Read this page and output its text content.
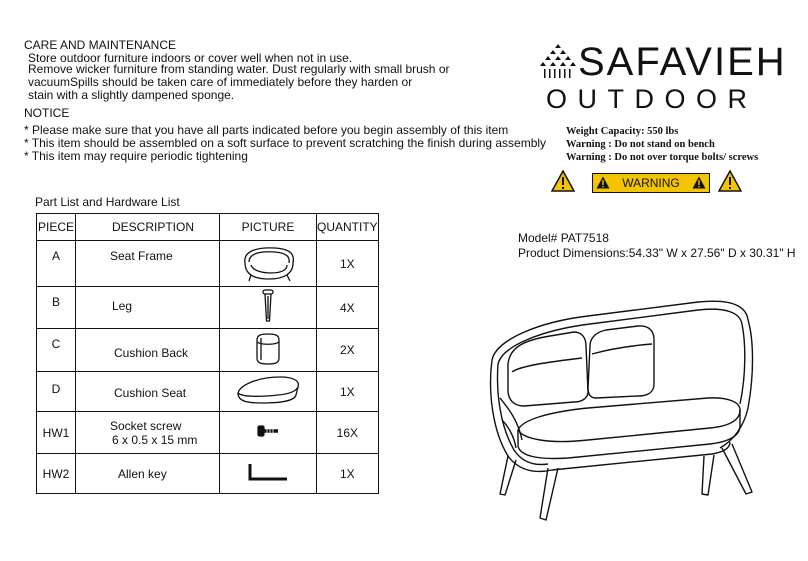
CARE AND MAINTENANCE
Store outdoor furniture indoors or cover well when not in use.
Remove wicker furniture from standing water. Dust regularly with small brush or
vacuumSpills should be taken care of immediately before they harden or
stain with a slightly dampened sponge.
NOTICE
* Please make sure that you have all parts indicated before you begin assembly of this item
* This item should be assembled on a soft surface to prevent scratching the finish during assembly
* This item may require periodic tightening
SAFAVIEH
OUTDOOR
Weight Capacity: 550 lbs
Warning : Do not stand on bench
Warning : Do not over torque bolts/ screws
WARNING
Part List and Hardware List
PIECE	DESCRIPTION	PICTURE	QUANTITY
A	Seat Frame		1X
B	Leg		4X
C	Cushion Back		2X
D	Cushion Seat		1X
HW1	Socket screw
6 x 0.5 x 15 mm		16X
HW2	Allen key		1X
Model# PAT7518
Product Dimensions:54.33" W x 27.56" D x 30.31" H
